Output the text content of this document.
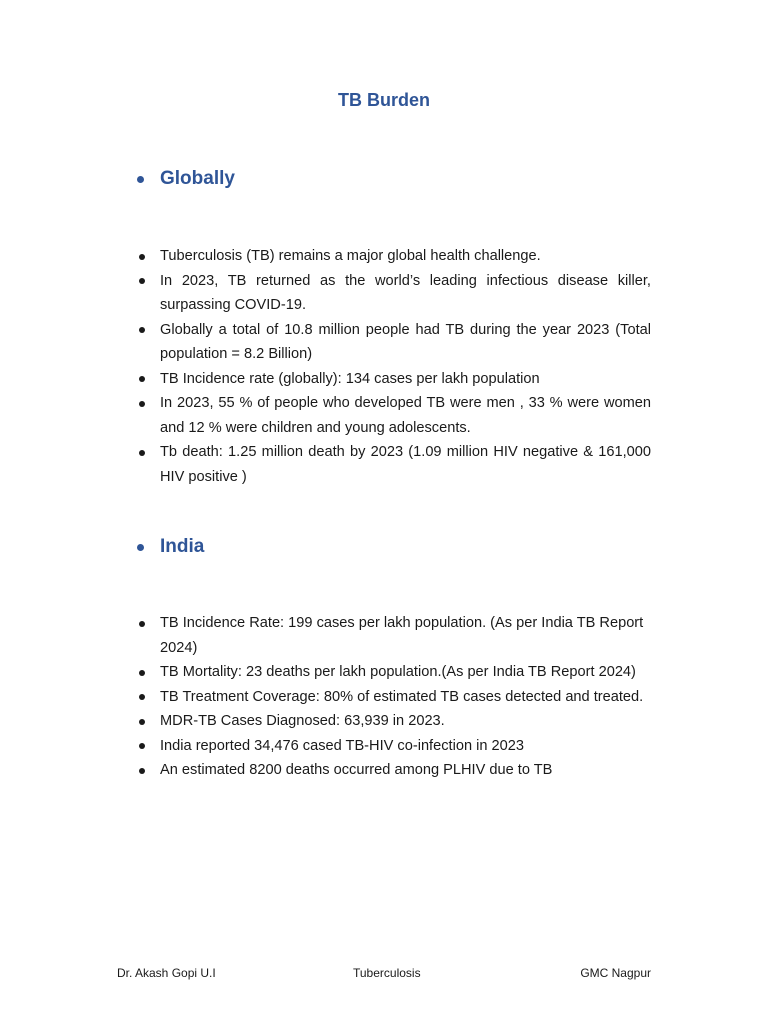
TB Burden
Globally
Tuberculosis (TB) remains a major global health challenge.
In 2023, TB returned as the world’s leading infectious disease killer, surpassing COVID-19.
Globally a total of 10.8 million people had TB during the year 2023 (Total population = 8.2 Billion)
TB Incidence rate (globally): 134 cases per lakh population
In 2023, 55 % of people who developed TB were men , 33 % were women and 12 % were children and young adolescents.
Tb death: 1.25 million death by 2023 (1.09 million HIV negative & 161,000 HIV positive )
India
TB Incidence Rate: 199 cases per lakh population. (As per India TB Report 2024)
TB Mortality: 23 deaths per lakh population.(As per India TB Report 2024)
TB Treatment Coverage: 80% of estimated TB cases detected and treated.
MDR-TB Cases Diagnosed: 63,939 in 2023.
India reported 34,476 cased TB-HIV co-infection in 2023
An estimated 8200 deaths occurred among PLHIV due to TB
Dr. Akash Gopi U.I	Tuberculosis	GMC Nagpur
